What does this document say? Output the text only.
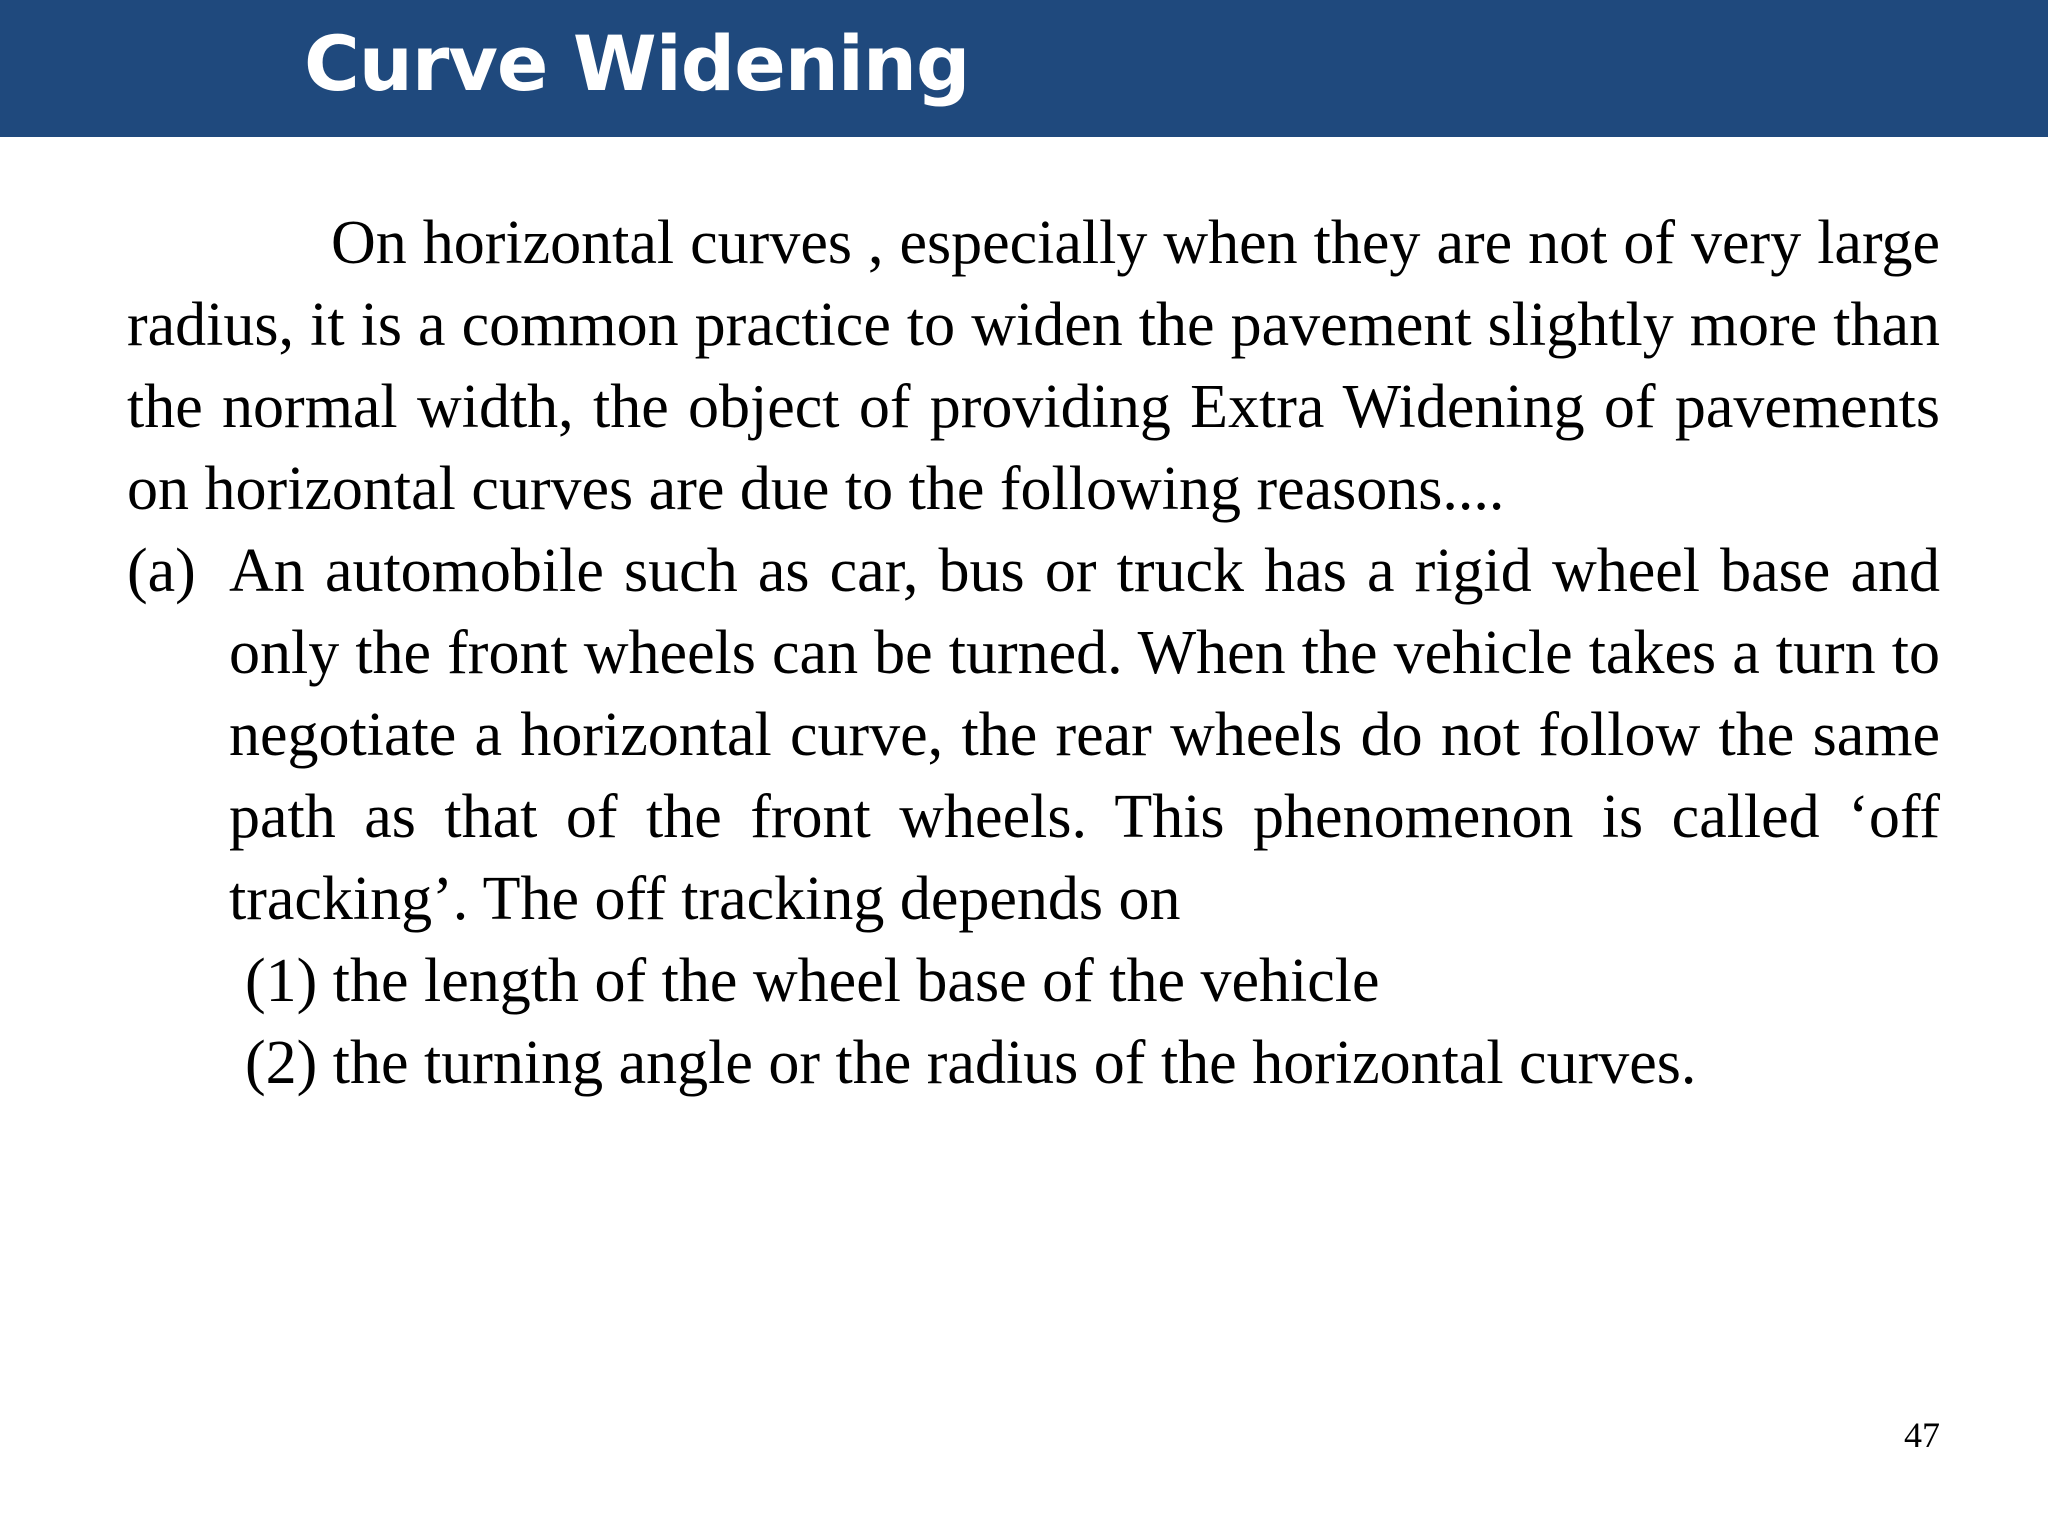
Curve Widening

On horizontal curves , especially when they are not of very large radius, it is a common practice to widen the pavement slightly more than the normal width, the object of providing Extra Widening of pavements on horizontal curves are due to the following reasons....

(a) An automobile such as car, bus or truck has a rigid wheel base and only the front wheels can be turned. When the vehicle takes a turn to negotiate a horizontal curve, the rear wheels do not follow the same path as that of the front wheels. This phenomenon is called ‘off tracking’. The off tracking depends on

(1) the length of the wheel base of the vehicle

(2) the turning angle or the radius of the horizontal curves.

47
